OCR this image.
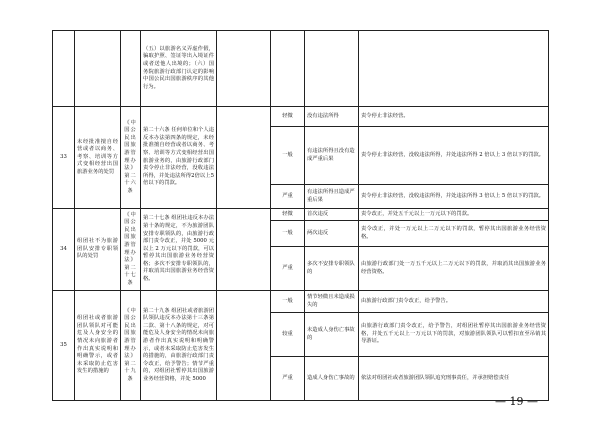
			（五）以旅游名义弄虚作假，骗取护照、签证等出入境证件或者送他人出境的；（六）国务院旅游行政部门认定的影响中国公民出国旅游秩序的其他行为。				
33	未经批准擅自经营或者以商务、考察、培训等方式变相经营出国旅游业务的处罚	《中国公民出国旅游管理办法》第二十六条	第二十六条 任何单位和个人违反本办法第四条的规定，未经批准擅自经营或者以商务、考察、培训等方式变相经营出国旅游业务的，由旅游行政部门责令停止非法经营，没收违法所得，并处违法所得2倍以上5倍以下的罚款。		轻微	没有违法所得	责令停止非法经营。
					一般	有违法所得且没有造成严重后果	责令停止非法经营，没收违法所得，并处违法所得 2 倍以上 3 倍以下的罚款。
					严重	有违法所得且造成严重后果	责令停止非法经营，没收违法所得，并处违法所得 3 倍以上 5 倍以下的罚款。
34	组团社不为旅游团队安排专职领队的处罚	《中国公民出国旅游管理办法》第二十七条	第二十七条 组团社违反本办法第十条的规定，不为旅游团队安排专职领队的，由旅游行政部门责令改正，并处 5000 元以上 2 万元以下的罚款，可以暂停其出国旅游业务经营资格；多次不安排专职领队的，并取消其出国旅游业务经营资格。		轻微	首次违反	责令改正，并处五千元以上一万元以下的罚款。
					一般	两次违反	责令改正，并处一万元以上二万元以下的罚款，暂停其出国旅游业务经营资格。
					严重	多次不安排专职领队的	由旅游行政部门处一万五千元以上二万元以下的罚款，并取消其出国旅游业务经营资格。
35	组团社或者旅游团队领队对可能危及人身安全的情况未向旅游者作出真实说明和明确警示，或者未采取防止危害发生的措施的	《中国公民出国旅游管理办法》第二十九条	第二十九条 组团社或者旅游团队领队违反本办法第十三条第二款、第十八条的规定，对可能危及人身安全的情况未向旅游者作出真实说明和明确警示，或者未采取防止危害发生的措施的，由旅游行政部门责令改正，给予警告；情节严重的，对组团社暂停其出国旅游业务经营资格，并处 5000		一般	情节轻微且未造成损失的	由旅游行政部门责令改正，给予警告。
					较重	未造成人身伤亡事故的	由旅游行政部门责令改正，给予警告，对组团社暂停其出国旅游业务经营资格，并处五千元以上一万元以下的罚款，对旅游团队领队可以暂扣直至吊销其导游证。
					严重	造成人身伤亡事故的	依法对组团社或者旅游团队领队追究刑事责任，并承担赔偿责任
— 19 —
